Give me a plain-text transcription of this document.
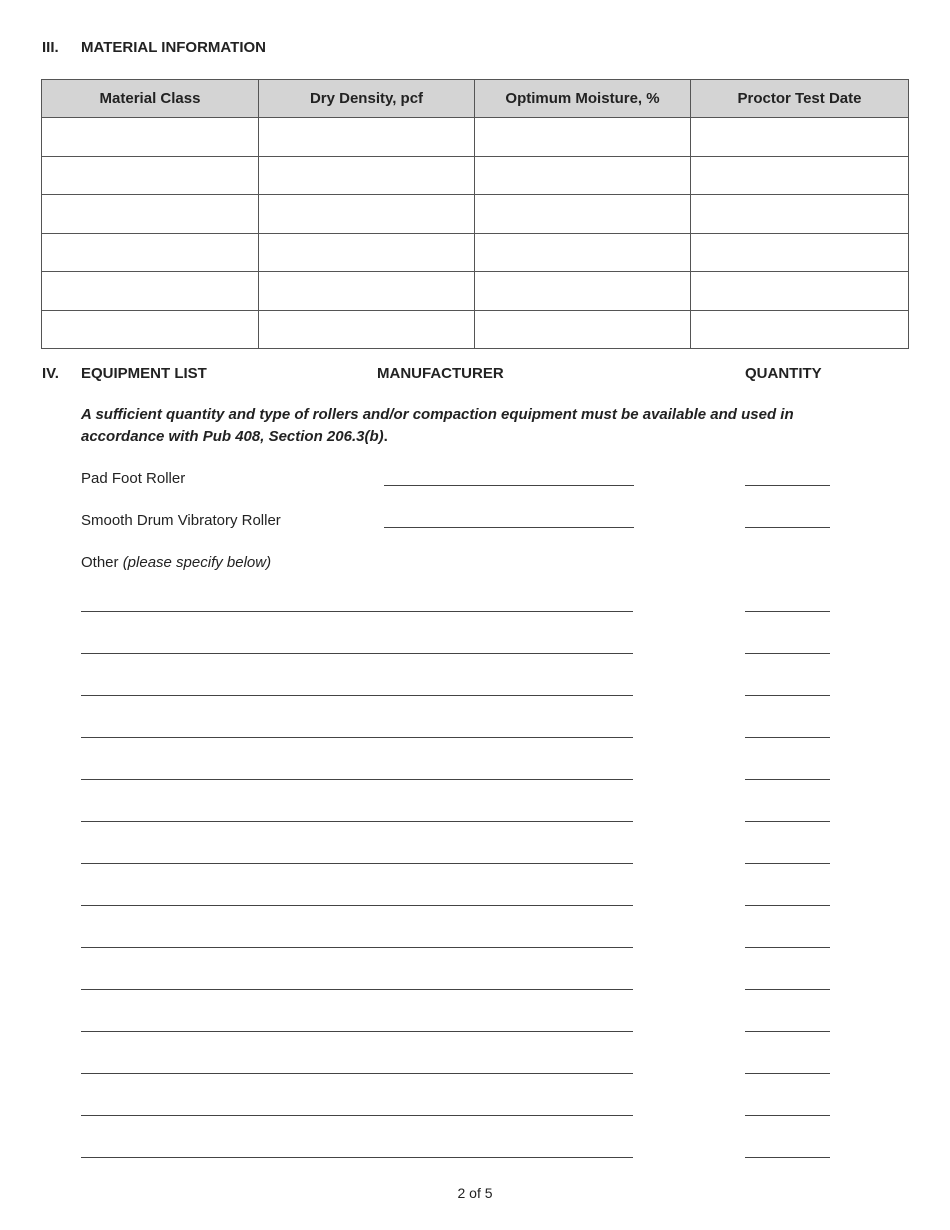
III. MATERIAL INFORMATION
Material Class	Dry Density, pcf	Optimum Moisture, %	Proctor Test Date

IV. EQUIPMENT LIST	MANUFACTURER	QUANTITY
A sufficient quantity and type of rollers and/or compaction equipment must be available and used in accordance with Pub 408, Section 206.3(b).
Pad Foot Roller
Smooth Drum Vibratory Roller
Other (please specify below)
2 of 5
